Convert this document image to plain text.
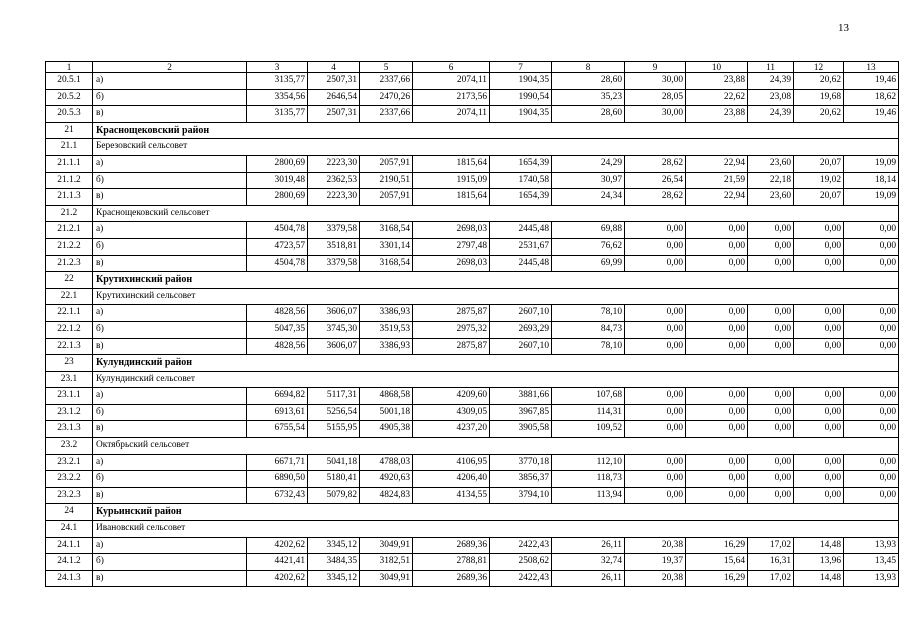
13
1	2	3	4	5	6	7	8	9	10	11	12	13
20.5.1	а)	3135,77	2507,31	2337,66	2074,11	1904,35	28,60	30,00	23,88	24,39	20,62	19,46
20.5.2	б)	3354,56	2646,54	2470,26	2173,56	1990,54	35,23	28,05	22,62	23,08	19,68	18,62
20.5.3	в)	3135,77	2507,31	2337,66	2074,11	1904,35	28,60	30,00	23,88	24,39	20,62	19,46
21	Краснощековский район											
21.1	Березовский сельсовет											
21.1.1	а)	2800,69	2223,30	2057,91	1815,64	1654,39	24,29	28,62	22,94	23,60	20,07	19,09
21.1.2	б)	3019,48	2362,53	2190,51	1915,09	1740,58	30,97	26,54	21,59	22,18	19,02	18,14
21.1.3	в)	2800,69	2223,30	2057,91	1815,64	1654,39	24,34	28,62	22,94	23,60	20,07	19,09
21.2	Краснощековский сельсовет											
21.2.1	а)	4504,78	3379,58	3168,54	2698,03	2445,48	69,88	0,00	0,00	0,00	0,00	0,00
21.2.2	б)	4723,57	3518,81	3301,14	2797,48	2531,67	76,62	0,00	0,00	0,00	0,00	0,00
21.2.3	в)	4504,78	3379,58	3168,54	2698,03	2445,48	69,99	0,00	0,00	0,00	0,00	0,00
22	Крутихинский район											
22.1	Крутихинский сельсовет											
22.1.1	а)	4828,56	3606,07	3386,93	2875,87	2607,10	78,10	0,00	0,00	0,00	0,00	0,00
22.1.2	б)	5047,35	3745,30	3519,53	2975,32	2693,29	84,73	0,00	0,00	0,00	0,00	0,00
22.1.3	в)	4828,56	3606,07	3386,93	2875,87	2607,10	78,10	0,00	0,00	0,00	0,00	0,00
23	Кулундинский район											
23.1	Кулундинский сельсовет											
23.1.1	а)	6694,82	5117,31	4868,58	4209,60	3881,66	107,68	0,00	0,00	0,00	0,00	0,00
23.1.2	б)	6913,61	5256,54	5001,18	4309,05	3967,85	114,31	0,00	0,00	0,00	0,00	0,00
23.1.3	в)	6755,54	5155,95	4905,38	4237,20	3905,58	109,52	0,00	0,00	0,00	0,00	0,00
23.2	Октябрьский сельсовет											
23.2.1	а)	6671,71	5041,18	4788,03	4106,95	3770,18	112,10	0,00	0,00	0,00	0,00	0,00
23.2.2	б)	6890,50	5180,41	4920,63	4206,40	3856,37	118,73	0,00	0,00	0,00	0,00	0,00
23.2.3	в)	6732,43	5079,82	4824,83	4134,55	3794,10	113,94	0,00	0,00	0,00	0,00	0,00
24	Курьинский район											
24.1	Ивановский сельсовет											
24.1.1	а)	4202,62	3345,12	3049,91	2689,36	2422,43	26,11	20,38	16,29	17,02	14,48	13,93
24.1.2	б)	4421,41	3484,35	3182,51	2788,81	2508,62	32,74	19,37	15,64	16,31	13,96	13,45
24.1.3	в)	4202,62	3345,12	3049,91	2689,36	2422,43	26,11	20,38	16,29	17,02	14,48	13,93
